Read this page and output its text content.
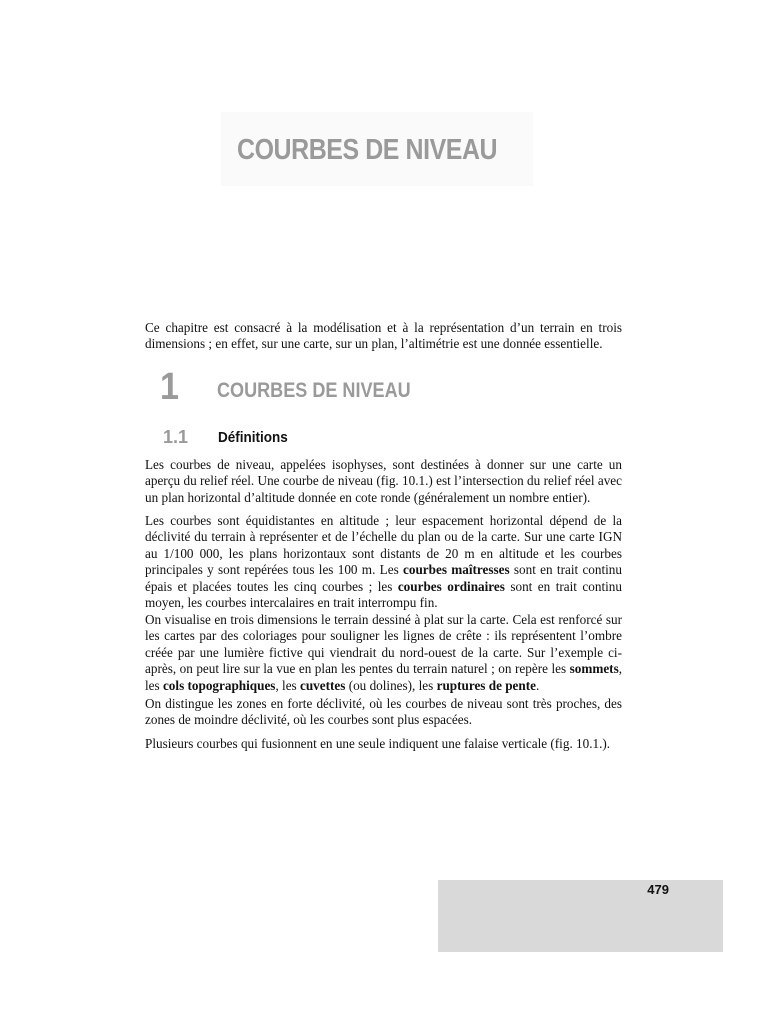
COURBES DE NIVEAU

Ce chapitre est consacré à la modélisation et à la représentation d’un terrain en trois dimensions ; en effet, sur une carte, sur un plan, l’altimétrie est une donnée essentielle.

1 COURBES DE NIVEAU
1.1 Définitions

Les courbes de niveau, appelées isophyses, sont destinées à donner sur une carte un aperçu du relief réel. Une courbe de niveau (fig. 10.1.) est l’intersection du relief réel avec un plan horizontal d’altitude donnée en cote ronde (généralement un nombre entier).

Les courbes sont équidistantes en altitude ; leur espacement horizontal dépend de la déclivité du terrain à représenter et de l’échelle du plan ou de la carte. Sur une carte IGN au 1/100 000, les plans horizontaux sont distants de 20 m en altitude et les courbes principales y sont repérées tous les 100 m. Les courbes maîtresses sont en trait continu épais et placées toutes les cinq courbes ; les courbes ordinaires sont en trait continu moyen, les courbes intercalaires en trait interrompu fin.

On visualise en trois dimensions le terrain dessiné à plat sur la carte. Cela est renforcé sur les cartes par des coloriages pour souligner les lignes de crête : ils représentent l’ombre créée par une lumière fictive qui viendrait du nord-ouest de la carte. Sur l’exemple ci-après, on peut lire sur la vue en plan les pentes du terrain naturel ; on repère les sommets, les cols topographiques, les cuvettes (ou dolines), les ruptures de pente.

On distingue les zones en forte déclivité, où les courbes de niveau sont très proches, des zones de moindre déclivité, où les courbes sont plus espacées.

Plusieurs courbes qui fusionnent en une seule indiquent une falaise verticale (fig. 10.1.).

479
